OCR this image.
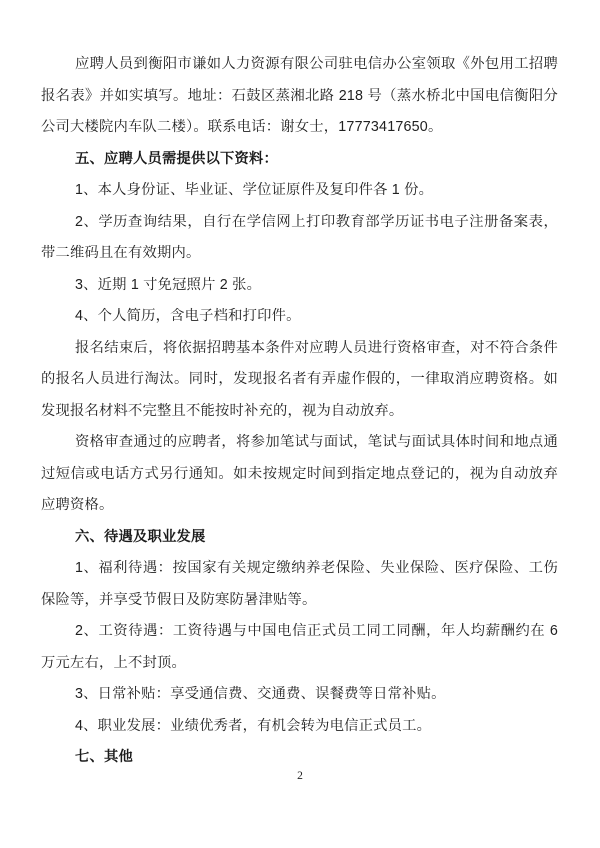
应聘人员到衡阳市谦如人力资源有限公司驻电信办公室领取《外包用工招聘报名表》并如实填写。地址：石鼓区蒸湘北路 218 号（蒸水桥北中国电信衡阳分公司大楼院内车队二楼）。联系电话：谢女士，17773417650。

五、应聘人员需提供以下资料：

1、本人身份证、毕业证、学位证原件及复印件各 1 份。

2、学历查询结果，自行在学信网上打印教育部学历证书电子注册备案表，带二维码且在有效期内。

3、近期 1 寸免冠照片 2 张。

4、个人简历，含电子档和打印件。

报名结束后，将依据招聘基本条件对应聘人员进行资格审查，对不符合条件的报名人员进行淘汰。同时，发现报名者有弄虚作假的，一律取消应聘资格。如发现报名材料不完整且不能按时补充的，视为自动放弃。

资格审查通过的应聘者，将参加笔试与面试，笔试与面试具体时间和地点通过短信或电话方式另行通知。如未按规定时间到指定地点登记的，视为自动放弃应聘资格。

六、待遇及职业发展

1、福利待遇：按国家有关规定缴纳养老保险、失业保险、医疗保险、工伤保险等，并享受节假日及防寒防暑津贴等。

2、工资待遇：工资待遇与中国电信正式员工同工同酬，年人均薪酬约在 6 万元左右，上不封顶。

3、日常补贴：享受通信费、交通费、误餐费等日常补贴。

4、职业发展：业绩优秀者，有机会转为电信正式员工。

七、其他

2
